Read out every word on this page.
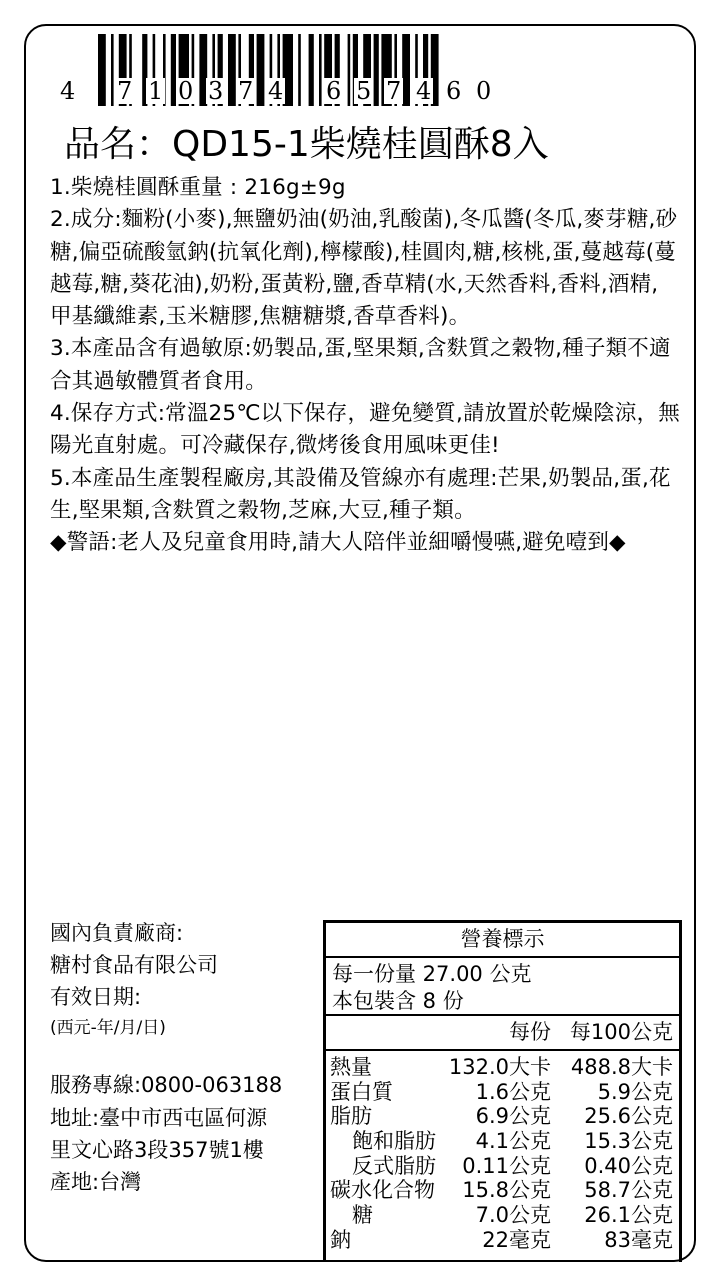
4 7 1 0 3 7 4 6 5 7 4 6 0
品名：QD15-1柴燒桂圓酥8入

1.柴燒桂圓酥重量 : 216g±9g

2.成分:麵粉(小麥),無鹽奶油(奶油,乳酸菌),冬瓜醬(冬瓜,麥芽糖,砂糖,偏亞硫酸氫鈉(抗氧化劑),檸檬酸),桂圓肉,糖,核桃,蛋,蔓越莓(蔓越莓,糖,葵花油),奶粉,蛋黃粉,鹽,香草精(水,天然香料,香料,酒精,甲基纖維素,玉米糖膠,焦糖糖漿,香草香料)。

3.本產品含有過敏原:奶製品,蛋,堅果類,含麩質之穀物,種子類不適合其過敏體質者食用。

4.保存方式:常溫25℃以下保存，避免變質,請放置於乾燥陰涼，無陽光直射處。可冷藏保存,微烤後食用風味更佳!

5.本產品生產製程廠房,其設備及管線亦有處理:芒果,奶製品,蛋,花生,堅果類,含麩質之穀物,芝麻,大豆,種子類。

◆警語:老人及兒童食用時,請大人陪伴並細嚼慢嚥,避免噎到◆

國內負責廠商:
糖村食品有限公司
有效日期:
(西元-年/月/日)
服務專線:0800-063188
地址:臺中市西屯區何源
里文心路3段357號1樓
產地:台灣
營養標示
每一份量 27.00 公克
本包裝含 8 份
每份 每100公克
熱量	132.0大卡 488.8大卡
蛋白質	1.6公克 5.9公克
脂肪	6.9公克 25.6公克
飽和脂肪 4.1公克 15.3公克
反式脂肪 0.11公克 0.40公克
碳水化合物 15.8公克 58.7公克
糖	7.0公克 26.1公克
鈉	22毫克	83毫克
